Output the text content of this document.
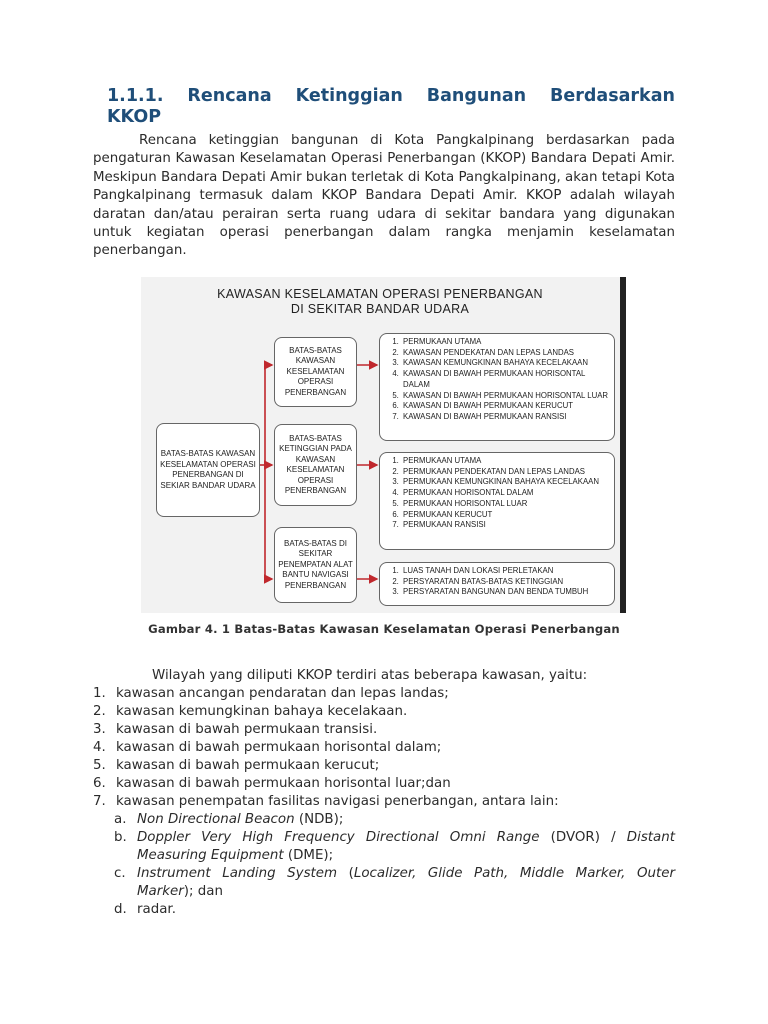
1.1.1. Rencana Ketinggian Bangunan Berdasarkan
KKOP

Rencana ketinggian bangunan di Kota Pangkalpinang berdasarkan pada pengaturan Kawasan Keselamatan Operasi Penerbangan (KKOP) Bandara Depati Amir. Meskipun Bandara Depati Amir bukan terletak di Kota Pangkalpinang, akan tetapi Kota Pangkalpinang termasuk dalam KKOP Bandara Depati Amir. KKOP adalah wilayah daratan dan/atau perairan serta ruang udara di sekitar bandara yang digunakan untuk kegiatan operasi penerbangan dalam rangka menjamin keselamatan penerbangan.

KAWASAN KESELAMATAN OPERASI PENERBANGAN
DI SEKITAR BANDAR UDARA
BATAS-BATAS KAWASAN KESELAMATAN OPERASI PENERBANGAN DI SEKIAR BANDAR UDARA
BATAS-BATAS KAWASAN KESELAMATAN OPERASI PENERBANGAN
BATAS-BATAS KETINGGIAN PADA KAWASAN KESELAMATAN OPERASI PENERBANGAN
BATAS-BATAS DI SEKITAR PENEMPATAN ALAT BANTU NAVIGASI PENERBANGAN
1. PERMUKAAN UTAMA
2. KAWASAN PENDEKATAN DAN LEPAS LANDAS
3. KAWASAN KEMUNGKINAN BAHAYA KECELAKAAN
4. KAWASAN DI BAWAH PERMUKAAN HORISONTAL DALAM
5. KAWASAN DI BAWAH PERMUKAAN HORISONTAL LUAR
6. KAWASAN DI BAWAH PERMUKAAN KERUCUT
7. KAWASAN DI BAWAH PERMUKAAN RANSISI
1. PERMUKAAN UTAMA
2. PERMUKAAN PENDEKATAN DAN LEPAS LANDAS
3. PERMUKAAN KEMUNGKINAN BAHAYA KECELAKAAN
4. PERMUKAAN HORISONTAL DALAM
5. PERMUKAAN HORISONTAL LUAR
6. PERMUKAAN KERUCUT
7. PERMUKAAN RANSISI
1. LUAS TANAH DAN LOKASI PERLETAKAN
2. PERSYARATAN BATAS-BATAS KETINGGIAN
3. PERSYARATAN BANGUNAN DAN BENDA TUMBUH
Gambar 4. 1 Batas-Batas Kawasan Keselamatan Operasi Penerbangan
Wilayah yang diliputi KKOP terdiri atas beberapa kawasan, yaitu:
1. kawasan ancangan pendaratan dan lepas landas;
2. kawasan kemungkinan bahaya kecelakaan.
3. kawasan di bawah permukaan transisi.
4. kawasan di bawah permukaan horisontal dalam;
5. kawasan di bawah permukaan kerucut;
6. kawasan di bawah permukaan horisontal luar;dan
7. kawasan penempatan fasilitas navigasi penerbangan, antara lain:
a. Non Directional Beacon (NDB);
b. Doppler Very High Frequency Directional Omni Range (DVOR) / Distant Measuring Equipment (DME);
c. Instrument Landing System (Localizer, Glide Path, Middle Marker, Outer Marker); dan
d. radar.
